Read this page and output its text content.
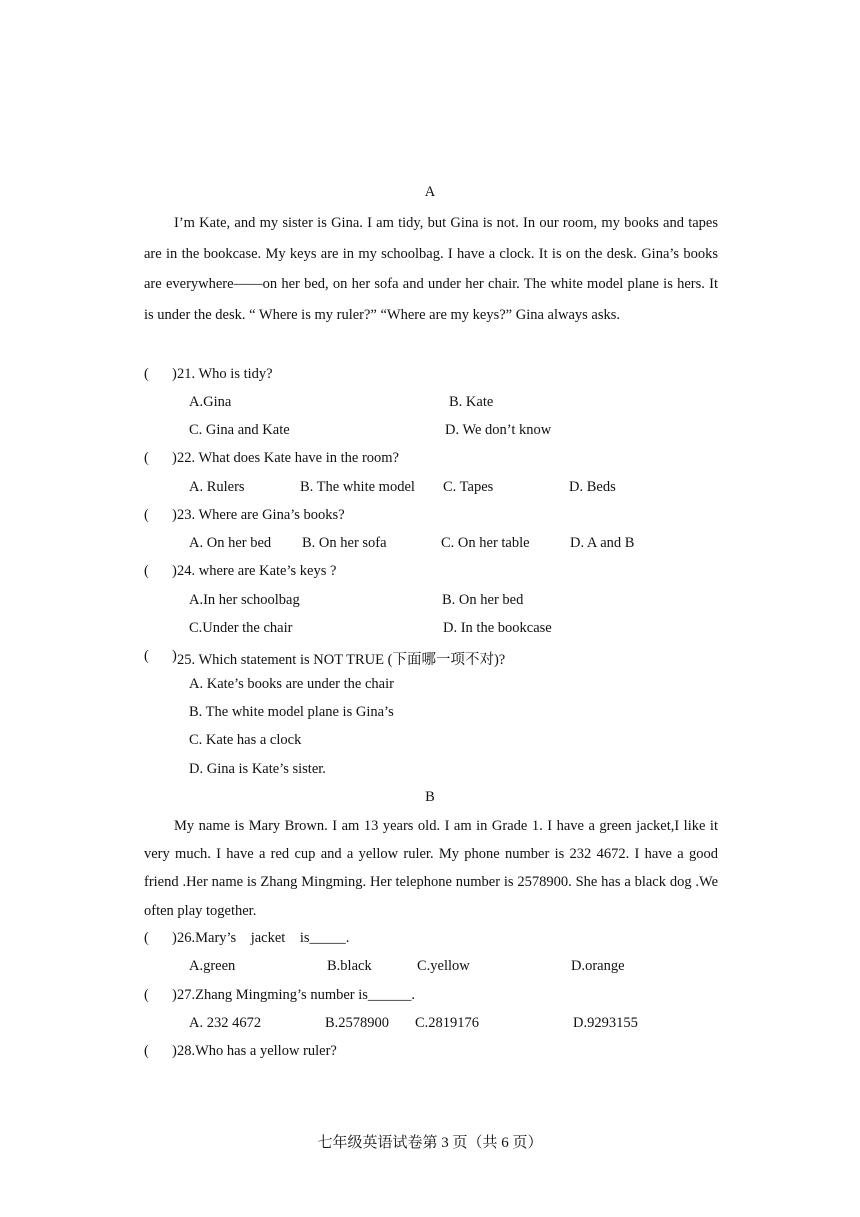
A

I’m Kate, and my sister is Gina. I am tidy, but Gina is not. In our room, my books and tapes are in the bookcase. My keys are in my schoolbag. I have a clock. It is on the desk. Gina’s books are everywhere——on her bed, on her sofa and under her chair. The white model plane is hers. It is under the desk. “ Where is my ruler?” “Where are my keys?” Gina always asks.

( ) 21. Who is tidy?
A.Gina	B. Kate
C. Gina and Kate	D. We don’t know
( ) 22. What does Kate have in the room?
A. Rulers	B. The white model C. Tapes	D. Beds
( ) 23. Where are Gina’s books?
A. On her bed B. On her sofa	C. On her table	D. A and B
( ) 24. where are Kate’s keys ?
A.In her schoolbag	B. On her bed
C.Under the chair	D. In the bookcase
( ) 25. Which statement is NOT TRUE (下面哪一项不对)?
A. Kate’s books are under the chair
B. The white model plane is Gina’s
C. Kate has a clock
D. Gina is Kate’s sister.
B

My name is Mary Brown. I am 13 years old. I am in Grade 1. I have a green jacket,I like it very much. I have a red cup and a yellow ruler. My phone number is 232 4672. I have a good friend .Her name is Zhang Mingming. Her telephone number is 2578900. She has a black dog .We often play together.

( ) 26.Mary’s    jacket    is_____.
A.green	B.black	C.yellow	D.orange
( ) 27.Zhang Mingming’s number is______.
A. 232 4672	B.2578900 C.2819176	D.9293155
( ) 28.Who has a yellow ruler?
七年级英语试卷第 3 页（共 6 页）
